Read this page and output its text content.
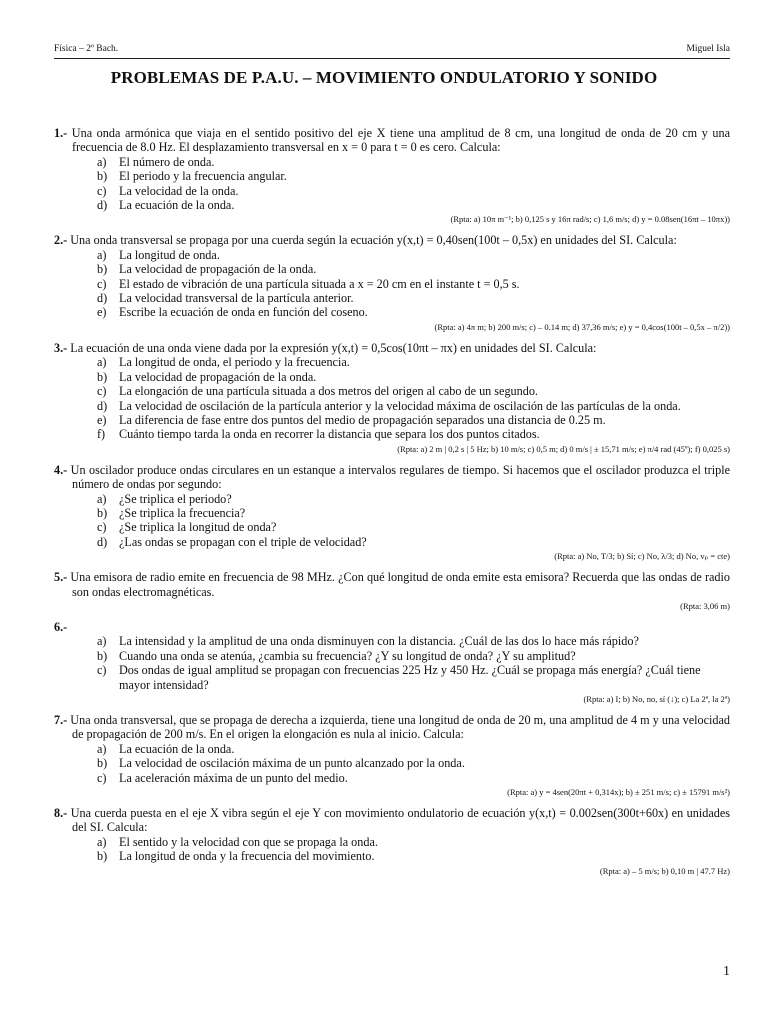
Física – 2º Bach.	Miguel Isla
PROBLEMAS DE P.A.U. – MOVIMIENTO ONDULATORIO Y SONIDO
1.- Una onda armónica que viaja en el sentido positivo del eje X tiene una amplitud de 8 cm, una longitud de onda de 20 cm y una frecuencia de 8.0 Hz. El desplazamiento transversal en x = 0 para t = 0 es cero. Calcula:
a) El número de onda.
b) El periodo y la frecuencia angular.
c) La velocidad de la onda.
d) La ecuación de la onda.
(Rpta: a) 10π m⁻¹; b) 0,125 s y 16π rad/s; c) 1,6 m/s; d) y = 0.08sen(16πt – 10πx))
2.- Una onda transversal se propaga por una cuerda según la ecuación y(x,t) = 0,40sen(100t – 0,5x) en unidades del SI. Calcula:
a) La longitud de onda.
b) La velocidad de propagación de la onda.
c) El estado de vibración de una partícula situada a x = 20 cm en el instante t = 0,5 s.
d) La velocidad transversal de la partícula anterior.
e) Escribe la ecuación de onda en función del coseno.
(Rpta: a) 4π m; b) 200 m/s; c) – 0.14 m; d) 37,36 m/s; e) y = 0,4cos(100t – 0,5x – π/2))
3.- La ecuación de una onda viene dada por la expresión y(x,t) = 0,5cos(10πt – πx) en unidades del SI. Calcula:
a) La longitud de onda, el periodo y la frecuencia.
b) La velocidad de propagación de la onda.
c) La elongación de una partícula situada a dos metros del origen al cabo de un segundo.
d) La velocidad de oscilación de la partícula anterior y la velocidad máxima de oscilación de las partículas de la onda.
e) La diferencia de fase entre dos puntos del medio de propagación separados una distancia de 0.25 m.
f) Cuánto tiempo tarda la onda en recorrer la distancia que separa los dos puntos citados.
(Rpta: a) 2 m | 0,2 s | 5 Hz; b) 10 m/s; c) 0,5 m; d) 0 m/s | ± 15,71 m/s; e) π/4 rad (45º); f) 0,025 s)
4.- Un oscilador produce ondas circulares en un estanque a intervalos regulares de tiempo. Si hacemos que el oscilador produzca el triple número de ondas por segundo:
a) ¿Se triplica el periodo?
b) ¿Se triplica la frecuencia?
c) ¿Se triplica la longitud de onda?
d) ¿Las ondas se propagan con el triple de velocidad?
(Rpta: a) No, T/3; b) Sí; c) No, λ/3; d) No, vₚ = cte)
5.- Una emisora de radio emite en frecuencia de 98 MHz. ¿Con qué longitud de onda emite esta emisora? Recuerda que las ondas de radio son ondas electromagnéticas.
(Rpta: 3,06 m)
6.-
a) La intensidad y la amplitud de una onda disminuyen con la distancia. ¿Cuál de las dos lo hace más rápido?
b) Cuando una onda se atenúa, ¿cambia su frecuencia? ¿Y su longitud de onda? ¿Y su amplitud?
c) Dos ondas de igual amplitud se propagan con frecuencias 225 Hz y 450 Hz. ¿Cuál se propaga más energía? ¿Cuál tiene mayor intensidad?
(Rpta: a) I; b) No, no, sí (↓); c) La 2ª, la 2ª)
7.- Una onda transversal, que se propaga de derecha a izquierda, tiene una longitud de onda de 20 m, una amplitud de 4 m y una velocidad de propagación de 200 m/s. En el origen la elongación es nula al inicio. Calcula:
a) La ecuación de la onda.
b) La velocidad de oscilación máxima de un punto alcanzado por la onda.
c) La aceleración máxima de un punto del medio.
(Rpta: a) y = 4sen(20πt + 0,314x); b) ± 251 m/s; c) ± 15791 m/s²)
8.- Una cuerda puesta en el eje X vibra según el eje Y con movimiento ondulatorio de ecuación y(x,t) = 0.002sen(300t+60x) en unidades del SI. Calcula:
a) El sentido y la velocidad con que se propaga la onda.
b) La longitud de onda y la frecuencia del movimiento.
(Rpta: a) – 5 m/s; b) 0,10 m | 47.7 Hz)
1
